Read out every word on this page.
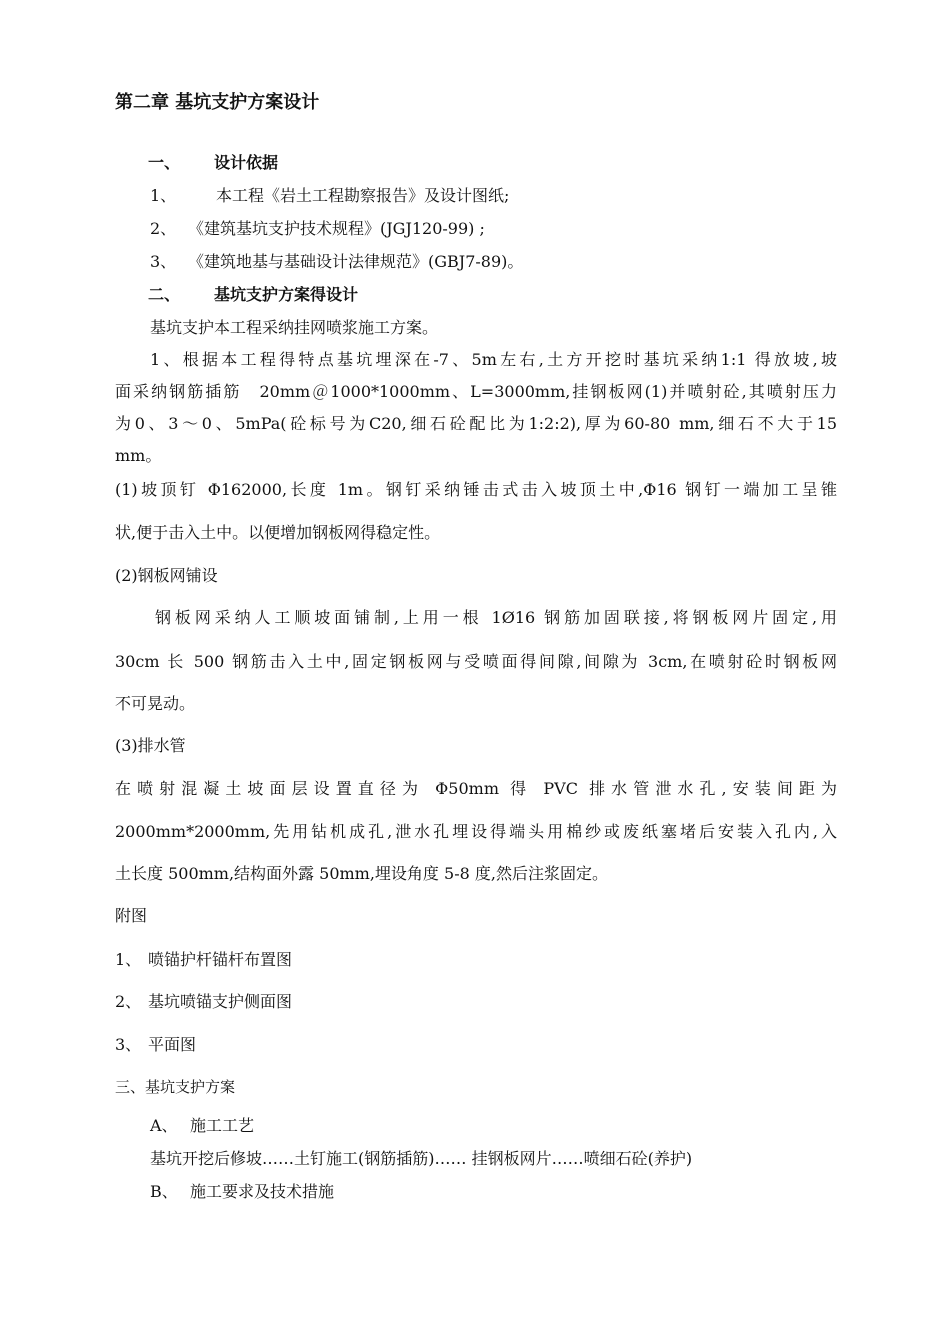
第二章 基坑支护方案设计
一、 设计依据
1、 本工程《岩土工程勘察报告》及设计图纸;
2、 《建筑基坑支护技术规程》(JGJ120-99) ;
3、 《建筑地基与基础设计法律规范》(GBJ7-89)。
二、 基坑支护方案得设计
基坑支护本工程采纳挂网喷浆施工方案。
1、根据本工程得特点基坑埋深在-7、5m左右,土方开挖时基坑采纳1:1 得放坡,坡
面采纳钢筋插筋　20mm＠1000*1000mm、L=3000mm,挂钢板网(1)并喷射砼,其喷射压力
为0、3～0、5mPa(砼标号为C20,细石砼配比为1:2:2),厚为60-80 mm,细石不大于15
mm。
(1)坡顶钉 Φ162000,长度 1m。钢钉采纳锤击式击入坡顶土中,Φ16 钢钉一端加工呈锥
状,便于击入土中。以便增加钢板网得稳定性。
(2)钢板网铺设
钢板网采纳人工顺坡面铺制,上用一根 1Ø16 钢筋加固联接,将钢板网片固定,用
30cm 长 500 钢筋击入土中,固定钢板网与受喷面得间隙,间隙为 3cm,在喷射砼时钢板网
不可晃动。
(3)排水管
在喷射混凝土坡面层设置直径为 Φ50mm 得 PVC 排水管泄水孔,安装间距为
2000mm*2000mm,先用钻机成孔,泄水孔埋设得端头用棉纱或废纸塞堵后安装入孔内,入
土长度 500mm,结构面外露 50mm,埋设角度 5-8 度,然后注浆固定。
附图
1、 喷锚护杆锚杆布置图
2、 基坑喷锚支护侧面图
3、 平面图
三、基坑支护方案
A、 施工工艺
基坑开挖后修坡……土钉施工(钢筋插筋)…… 挂钢板网片……喷细石砼(养护)
B、 施工要求及技术措施
